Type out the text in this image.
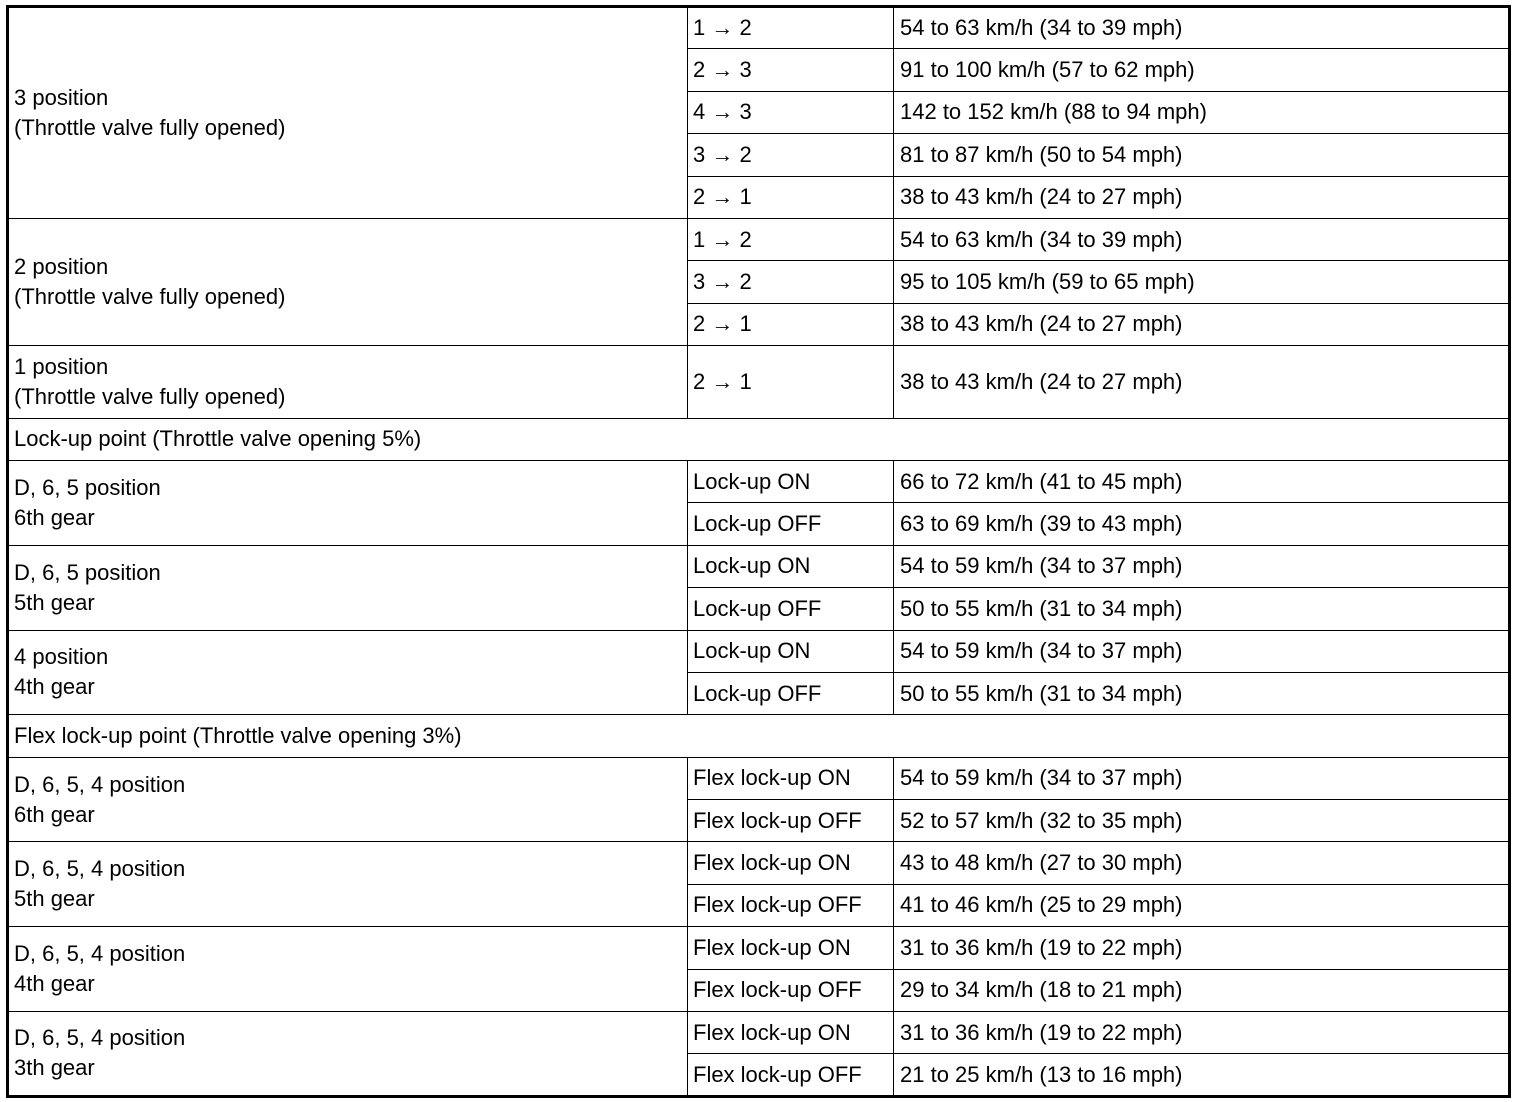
3 position
(Throttle valve fully opened)	1 → 2	54 to 63 km/h (34 to 39 mph)
	2 → 3	91 to 100 km/h (57 to 62 mph)
	4 → 3	142 to 152 km/h (88 to 94 mph)
	3 → 2	81 to 87 km/h (50 to 54 mph)
	2 → 1	38 to 43 km/h (24 to 27 mph)

2 position
(Throttle valve fully opened)	1 → 2	54 to 63 km/h (34 to 39 mph)
	3 → 2	95 to 105 km/h (59 to 65 mph)
	2 → 1	38 to 43 km/h (24 to 27 mph)

1 position
(Throttle valve fully opened)	2 → 1	38 to 43 km/h (24 to 27 mph)
Lock-up point (Throttle valve opening 5%)		

D, 6, 5 position
6th gear	Lock-up ON	66 to 72 km/h (41 to 45 mph)
	Lock-up OFF	63 to 69 km/h (39 to 43 mph)

D, 6, 5 position
5th gear	Lock-up ON	54 to 59 km/h (34 to 37 mph)
	Lock-up OFF	50 to 55 km/h (31 to 34 mph)

4 position
4th gear	Lock-up ON	54 to 59 km/h (34 to 37 mph)
	Lock-up OFF	50 to 55 km/h (31 to 34 mph)
Flex lock-up point (Throttle valve opening 3%)		

D, 6, 5, 4 position
6th gear	Flex lock-up ON	54 to 59 km/h (34 to 37 mph)
	Flex lock-up OFF	52 to 57 km/h (32 to 35 mph)

D, 6, 5, 4 position
5th gear	Flex lock-up ON	43 to 48 km/h (27 to 30 mph)
	Flex lock-up OFF	41 to 46 km/h (25 to 29 mph)

D, 6, 5, 4 position
4th gear	Flex lock-up ON	31 to 36 km/h (19 to 22 mph)
	Flex lock-up OFF	29 to 34 km/h (18 to 21 mph)

D, 6, 5, 4 position
3th gear	Flex lock-up ON	31 to 36 km/h (19 to 22 mph)
	Flex lock-up OFF	21 to 25 km/h (13 to 16 mph)
